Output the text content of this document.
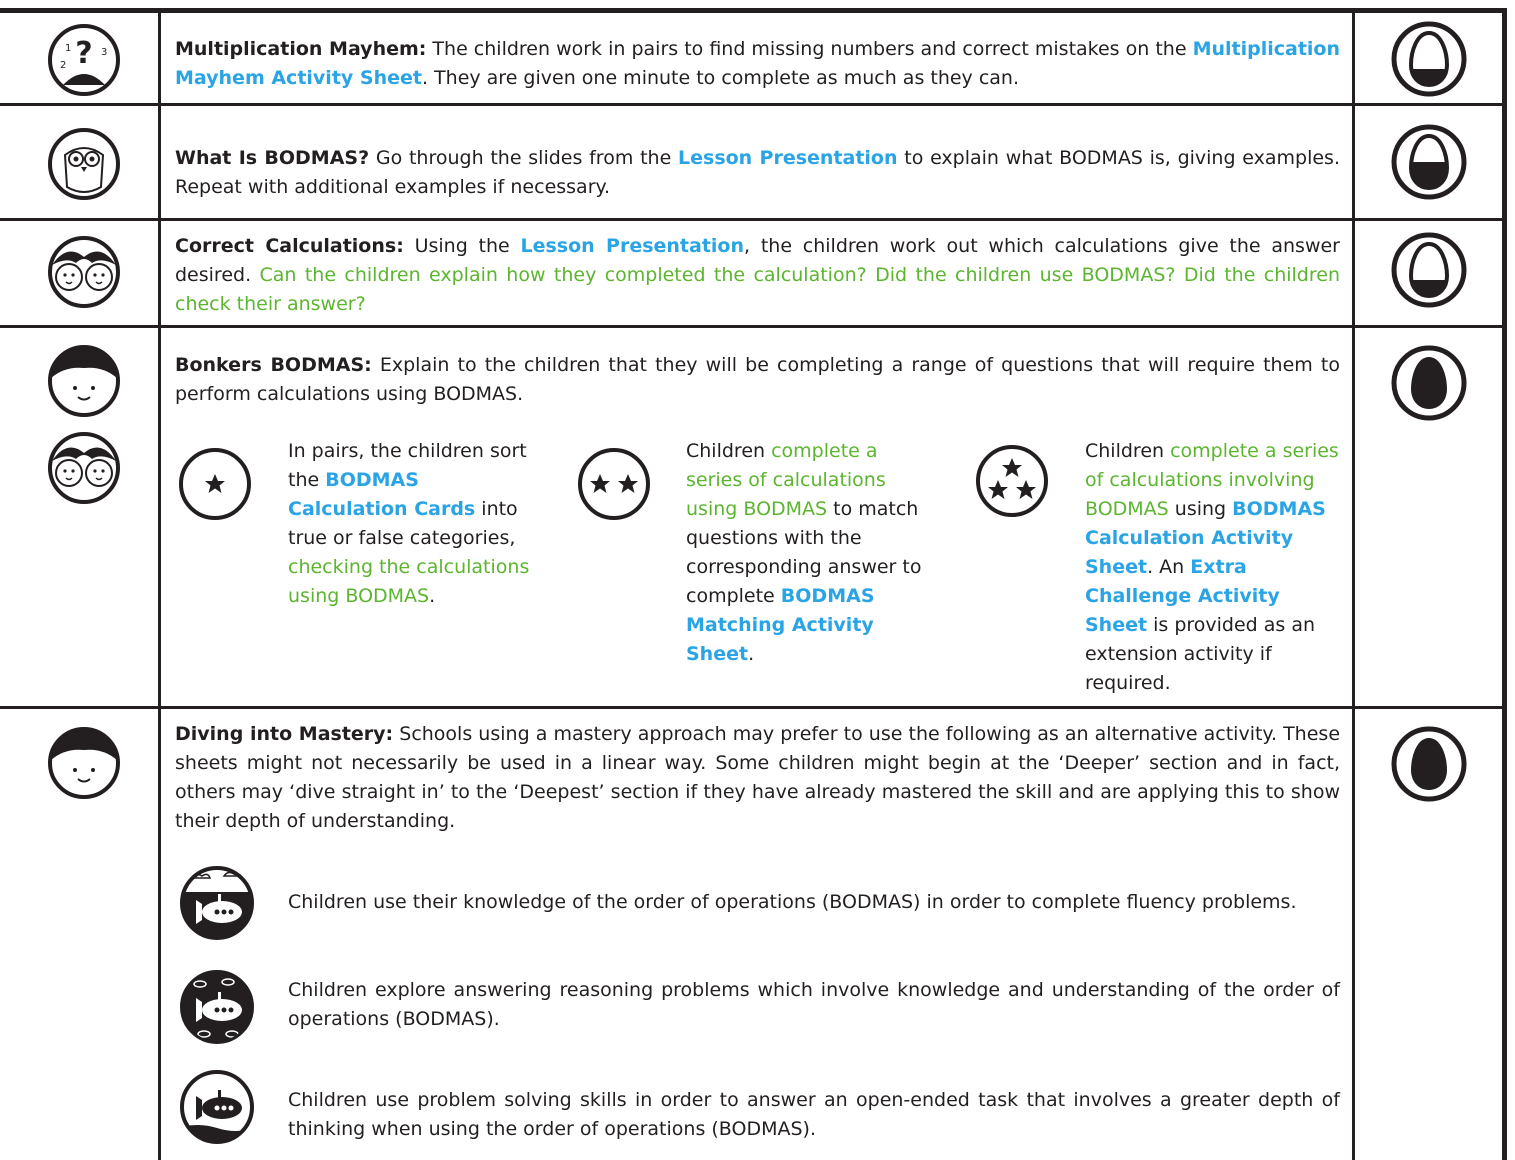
?
1
2
3	Multiplication Mayhem: The children work in pairs to find missing numbers and correct mistakes on the Multiplication Mayhem Activity Sheet. They are given one minute to complete as much as they can.
What Is BODMAS? Go through the slides from the Lesson Presentation to explain what BODMAS is, giving examples. Repeat with additional examples if necessary.
Correct Calculations: Using the Lesson Presentation, the children work out which calculations give the answer desired. Can the children explain how they completed the calculation? Did the children use BODMAS? Did the children check their answer?
Bonkers BODMAS: Explain to the children that they will be completing a range of questions that will require them to perform calculations using BODMAS.
In pairs, the children sort the BODMAS Calculation Cards into true or false categories, checking the calculations using BODMAS.
Children complete a series of calculations using BODMAS to match questions with the corresponding answer to complete BODMAS Matching Activity Sheet.
Children complete a series of calculations involving BODMAS using BODMAS Calculation Activity Sheet. An Extra Challenge Activity Sheet is provided as an extension activity if required.
Diving into Mastery: Schools using a mastery approach may prefer to use the following as an alternative activity. These sheets might not necessarily be used in a linear way. Some children might begin at the ‘Deeper’ section and in fact, others may ‘dive straight in’ to the ‘Deepest’ section if they have already mastered the skill and are applying this to show their depth of understanding.
Children use their knowledge of the order of operations (BODMAS) in order to complete fluency problems.
Children explore answering reasoning problems which involve knowledge and understanding of the order of operations (BODMAS).
Children use problem solving skills in order to answer an open-ended task that involves a greater depth of thinking when using the order of operations (BODMAS).
